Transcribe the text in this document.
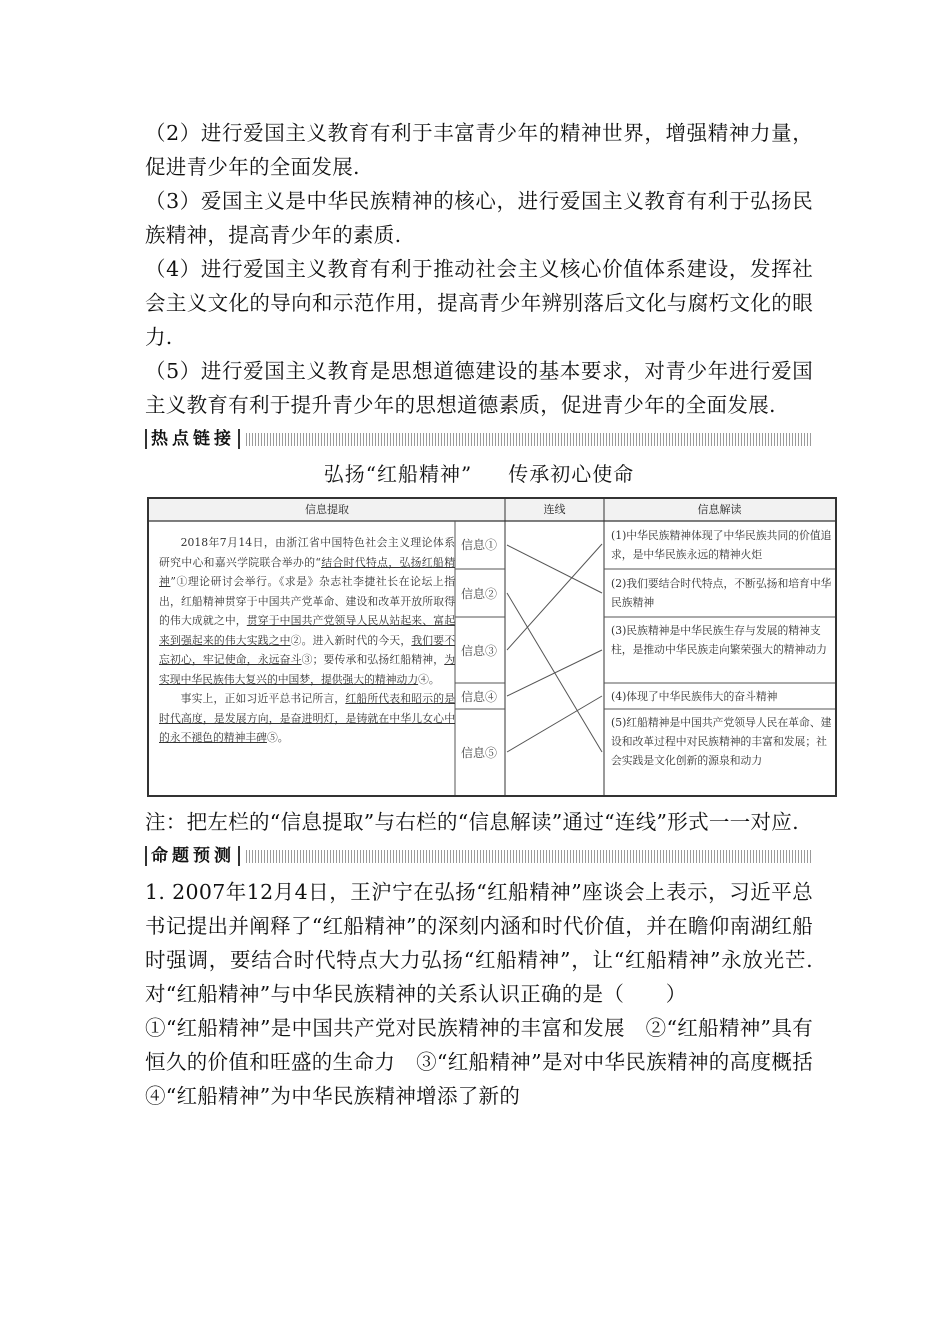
（2）进行爱国主义教育有利于丰富青少年的精神世界，增强精神力量，促进青少年的全面发展.

（3）爱国主义是中华民族精神的核心，进行爱国主义教育有利于弘扬民族精神，提高青少年的素质.

（4）进行爱国主义教育有利于推动社会主义核心价值体系建设，发挥社会主义文化的导向和示范作用，提高青少年辨别落后文化与腐朽文化的眼力.

（5）进行爱国主义教育是思想道德建设的基本要求，对青少年进行爱国主义教育有利于提升青少年的思想道德素质，促进青少年的全面发展.

热点链接
弘扬“红船精神” 传承初心使命
信息提取	连线	信息解读

2018年7月14日，由浙江省中国特色社会主义理论体系研究中心和嘉兴学院联合举办的“结合时代特点，弘扬红船精神”①理论研讨会举行。《求是》杂志社李捷社长在论坛上指出，红船精神贯穿于中国共产党革命、建设和改革开放所取得的伟大成就之中，贯穿于中国共产党领导人民从站起来、富起来到强起来的伟大实践之中②。进入新时代的今天，我们要不忘初心，牢记使命，永远奋斗③；要传承和弘扬红船精神，为实现中华民族伟大复兴的中国梦，提供强大的精神动力④。

事实上，正如习近平总书记所言，红船所代表和昭示的是时代高度，是发展方向，是奋进明灯，是铸就在中华儿女心中的永不褪色的精神丰碑⑤。

信息①
信息②
信息③
信息④
信息⑤
(1)中华民族精神体现了中华民族共同的价值追求，是中华民族永远的精神火炬
(2)我们要结合时代特点，不断弘扬和培育中华民族精神
(3)民族精神是中华民族生存与发展的精神支柱，是推动中华民族走向繁荣强大的精神动力
(4)体现了中华民族伟大的奋斗精神
(5)红船精神是中国共产党领导人民在革命、建设和改革过程中对民族精神的丰富和发展；社会实践是文化创新的源泉和动力

注：把左栏的“信息提取”与右栏的“信息解读”通过“连线”形式一一对应.

命题预测

1. 2007年12月4日，王沪宁在弘扬“红船精神”座谈会上表示，习近平总书记提出并阐释了“红船精神”的深刻内涵和时代价值，并在瞻仰南湖红船时强调，要结合时代特点大力弘扬“红船精神”，让“红船精神”永放光芒.对“红船精神”与中华民族精神的关系认识正确的是（　　）

①“红船精神”是中国共产党对民族精神的丰富和发展　②“红船精神”具有恒久的价值和旺盛的生命力　③“红船精神”是对中华民族精神的高度概括　④“红船精神”为中华民族精神增添了新的
